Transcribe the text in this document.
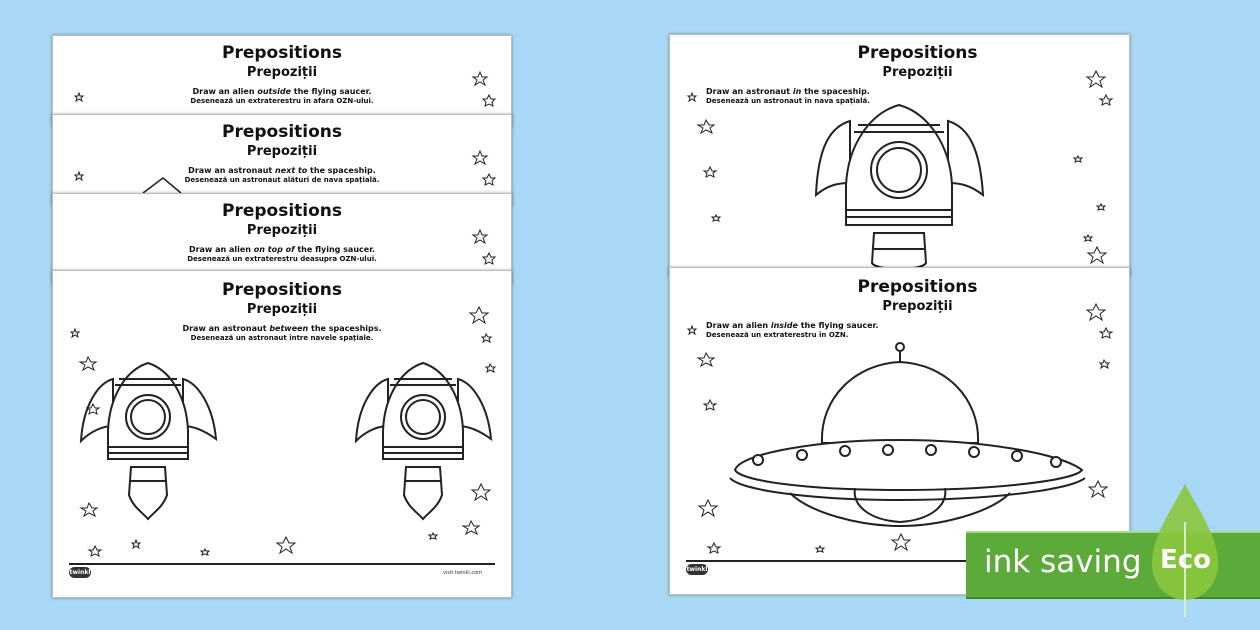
Prepositions
Prepoziții
Draw an alien outside the flying saucer.
Desenează un extraterestru în afara OZN-ului.
Prepositions
Prepoziții
Draw an astronaut next to the spaceship.
Desenează un astronaut alături de nava spațială.
Prepositions
Prepoziții
Draw an alien on top of the flying saucer.
Desenează un extraterestru deasupra OZN-ului.
Prepositions
Prepoziții
Draw an astronaut between the spaceships.
Desenează un astronaut între navele spațiale.
twinkl	visit twinkl.com
Prepositions
Prepoziții
Draw an astronaut in the spaceship.
Desenează un astronaut în nava spațială.
Prepositions
Prepoziții
Draw an alien inside the flying saucer.
Desenează un extraterestru în OZN.
twinkl	ink saving Eco
